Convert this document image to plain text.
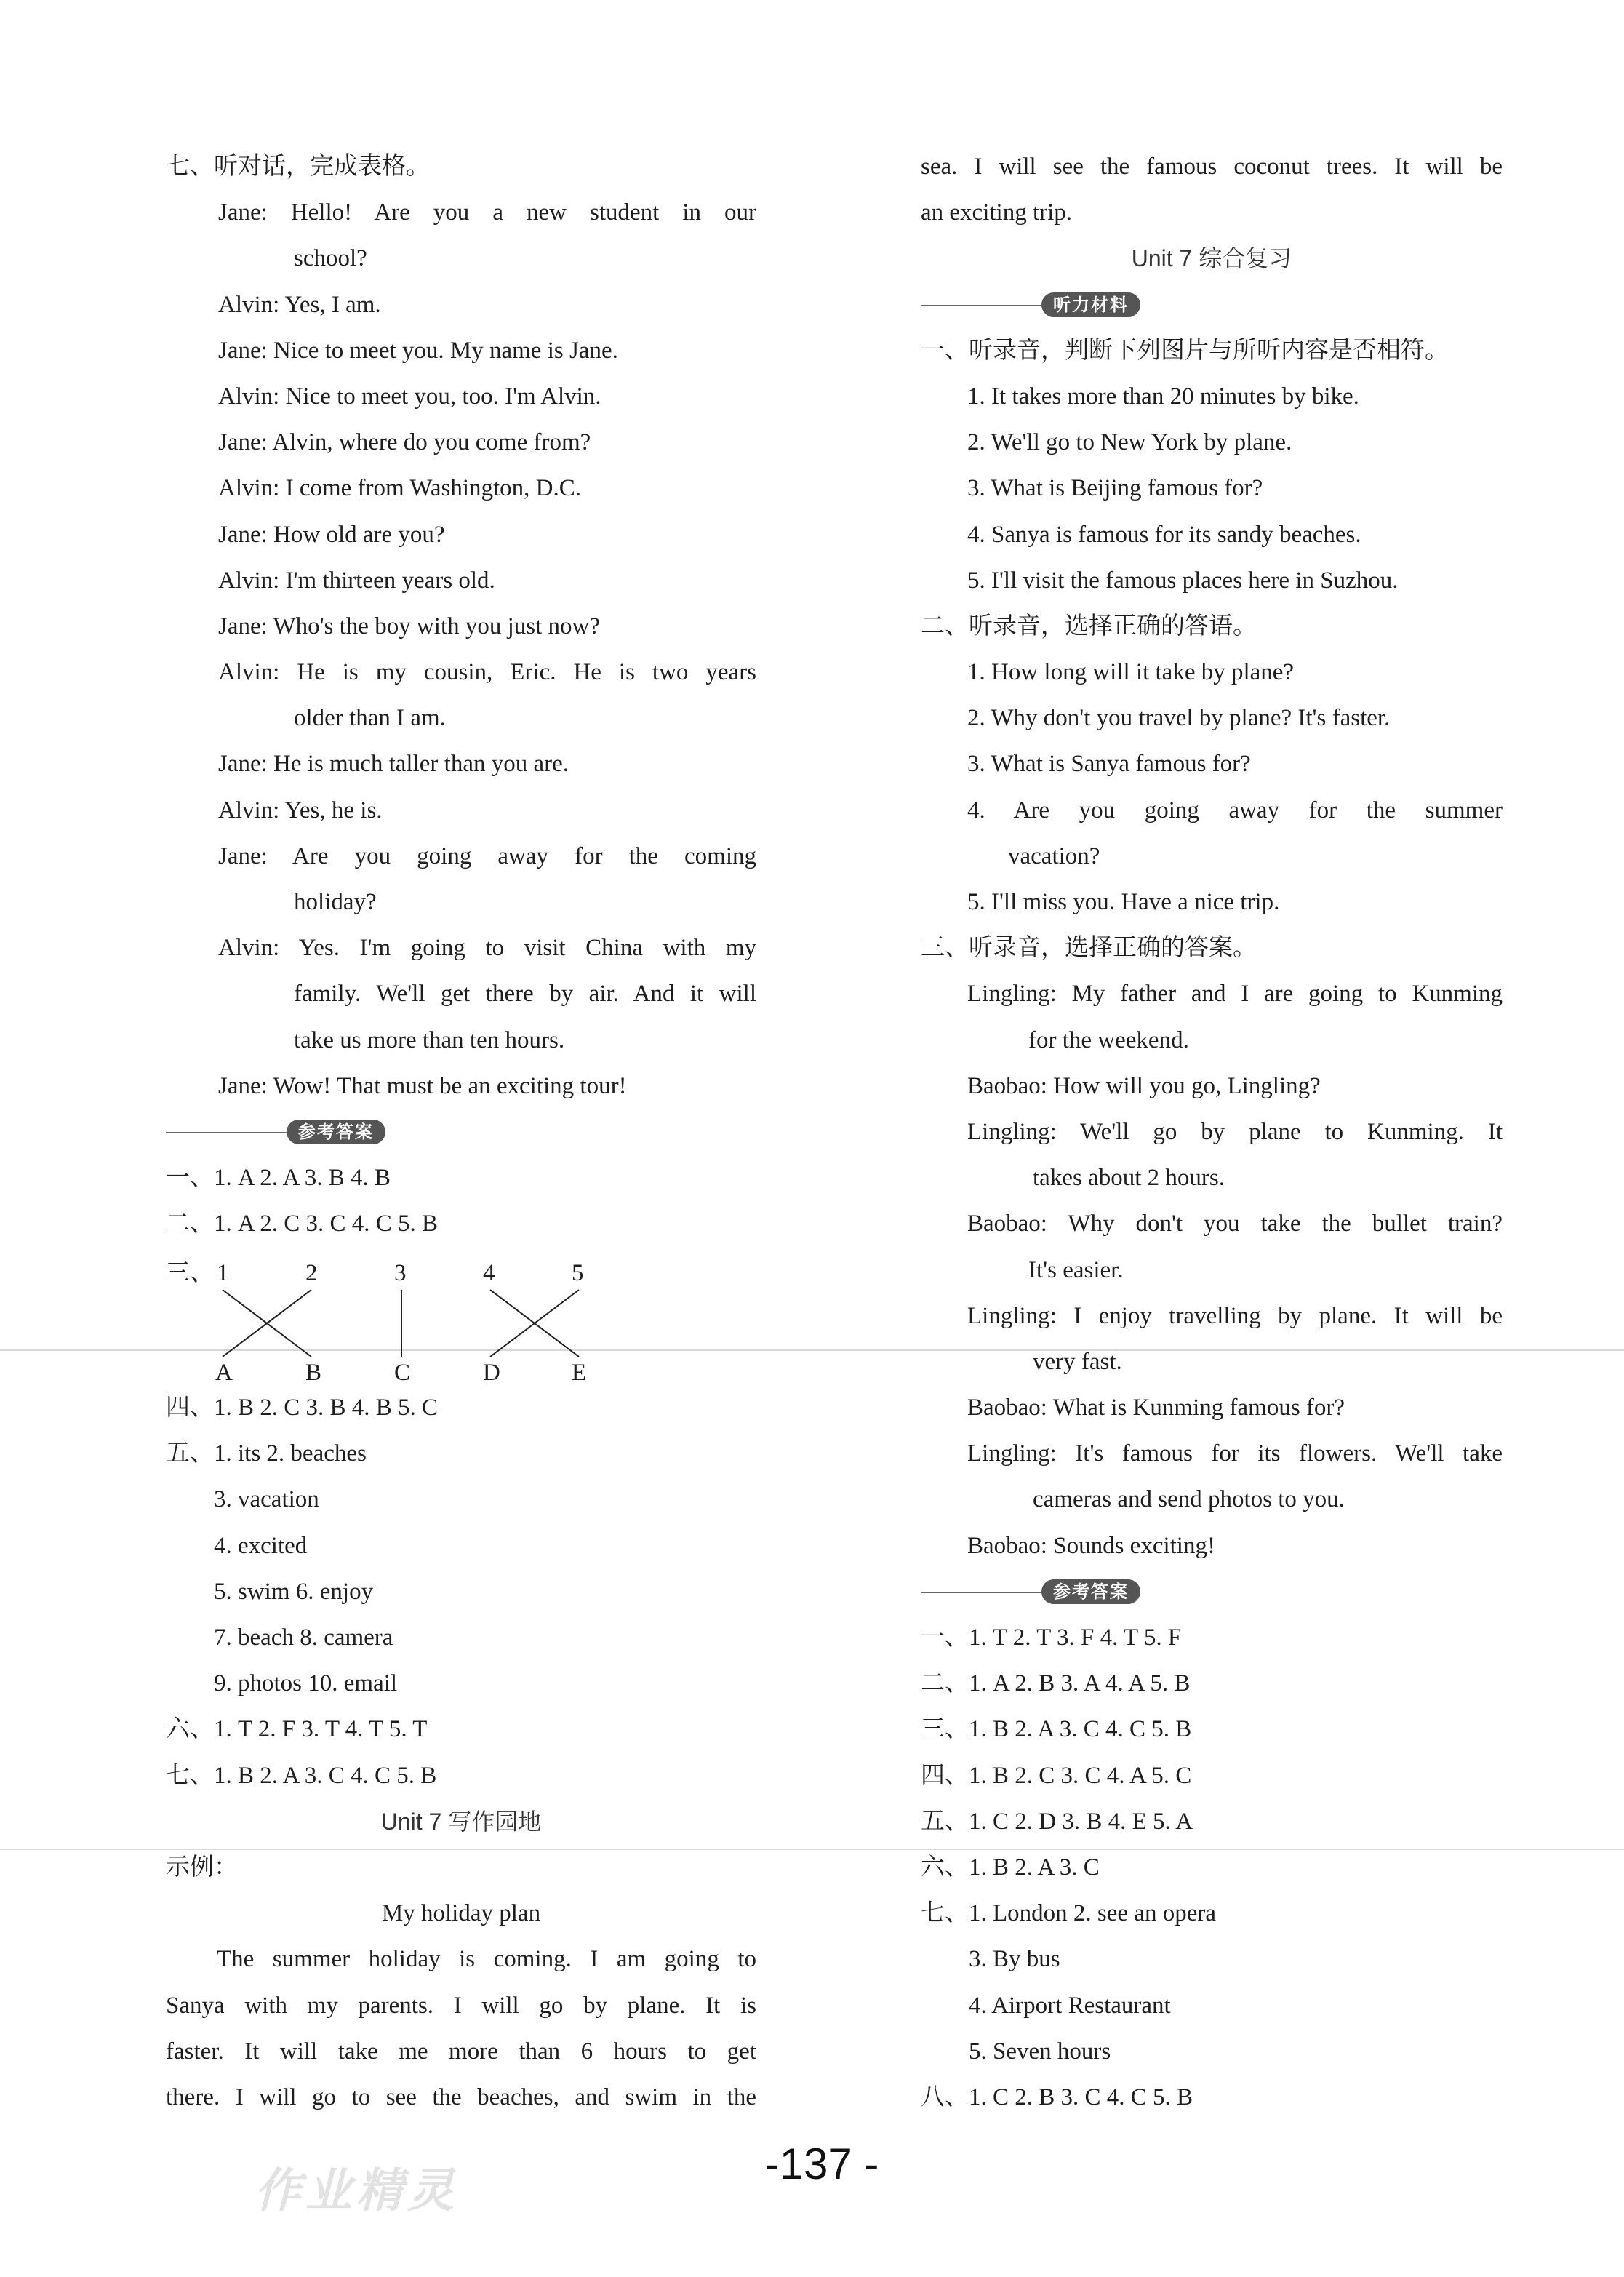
七、听对话，完成表格。
Jane: Hello! Are you a new student in our
school?
Alvin: Yes, I am.
Jane: Nice to meet you. My name is Jane.
Alvin: Nice to meet you, too. I'm Alvin.
Jane: Alvin, where do you come from?
Alvin: I come from Washington, D.C.
Jane: How old are you?
Alvin: I'm thirteen years old.
Jane: Who's the boy with you just now?
Alvin: He is my cousin, Eric. He is two years
older than I am.
Jane: He is much taller than you are.
Alvin: Yes, he is.
Jane: Are you going away for the coming
holiday?
Alvin: Yes. I'm going to visit China with my
family. We'll get there by air. And it will
take us more than ten hours.
Jane: Wow! That must be an exciting tour!
参考答案
一、1. A 2. A 3. B 4. B
二、1. A 2. C 3. C 4. C 5. B
三、 1	2	3	4	5
A	B	C	D	E
四、1. B 2. C 3. B 4. B 5. C
五、1. its 2. beaches
3. vacation
4. excited
5. swim 6. enjoy
7. beach 8. camera
9. photos 10. email
六、1. T 2. F 3. T 4. T 5. T
七、1. B 2. A 3. C 4. C 5. B
Unit 7 写作园地
示例：
My holiday plan
The summer holiday is coming. I am going to
Sanya with my parents. I will go by plane. It is
faster. It will take me more than 6 hours to get
there. I will go to see the beaches, and swim in the
sea. I will see the famous coconut trees. It will be
an exciting trip.
Unit 7 综合复习
听力材料
一、听录音，判断下列图片与所听内容是否相符。
1. It takes more than 20 minutes by bike.
2. We'll go to New York by plane.
3. What is Beijing famous for?
4. Sanya is famous for its sandy beaches.
5. I'll visit the famous places here in Suzhou.
二、听录音，选择正确的答语。
1. How long will it take by plane?
2. Why don't you travel by plane? It's faster.
3. What is Sanya famous for?
4. Are you going away for the summer
vacation?
5. I'll miss you. Have a nice trip.
三、听录音，选择正确的答案。
Lingling: My father and I are going to Kunming
for the weekend.
Baobao: How will you go, Lingling?
Lingling: We'll go by plane to Kunming. It
takes about 2 hours.
Baobao: Why don't you take the bullet train?
It's easier.
Lingling: I enjoy travelling by plane. It will be
very fast.
Baobao: What is Kunming famous for?
Lingling: It's famous for its flowers. We'll take
cameras and send photos to you.
Baobao: Sounds exciting!
参考答案
一、1. T 2. T 3. F 4. T 5. F
二、1. A 2. B 3. A 4. A 5. B
三、1. B 2. A 3. C 4. C 5. B
四、1. B 2. C 3. C 4. A 5. C
五、1. C 2. D 3. B 4. E 5. A
六、1. B 2. A 3. C
七、1. London 2. see an opera
3. By bus
4. Airport Restaurant
5. Seven hours
八、1. C 2. B 3. C 4. C 5. B
-137 -
作业精灵
